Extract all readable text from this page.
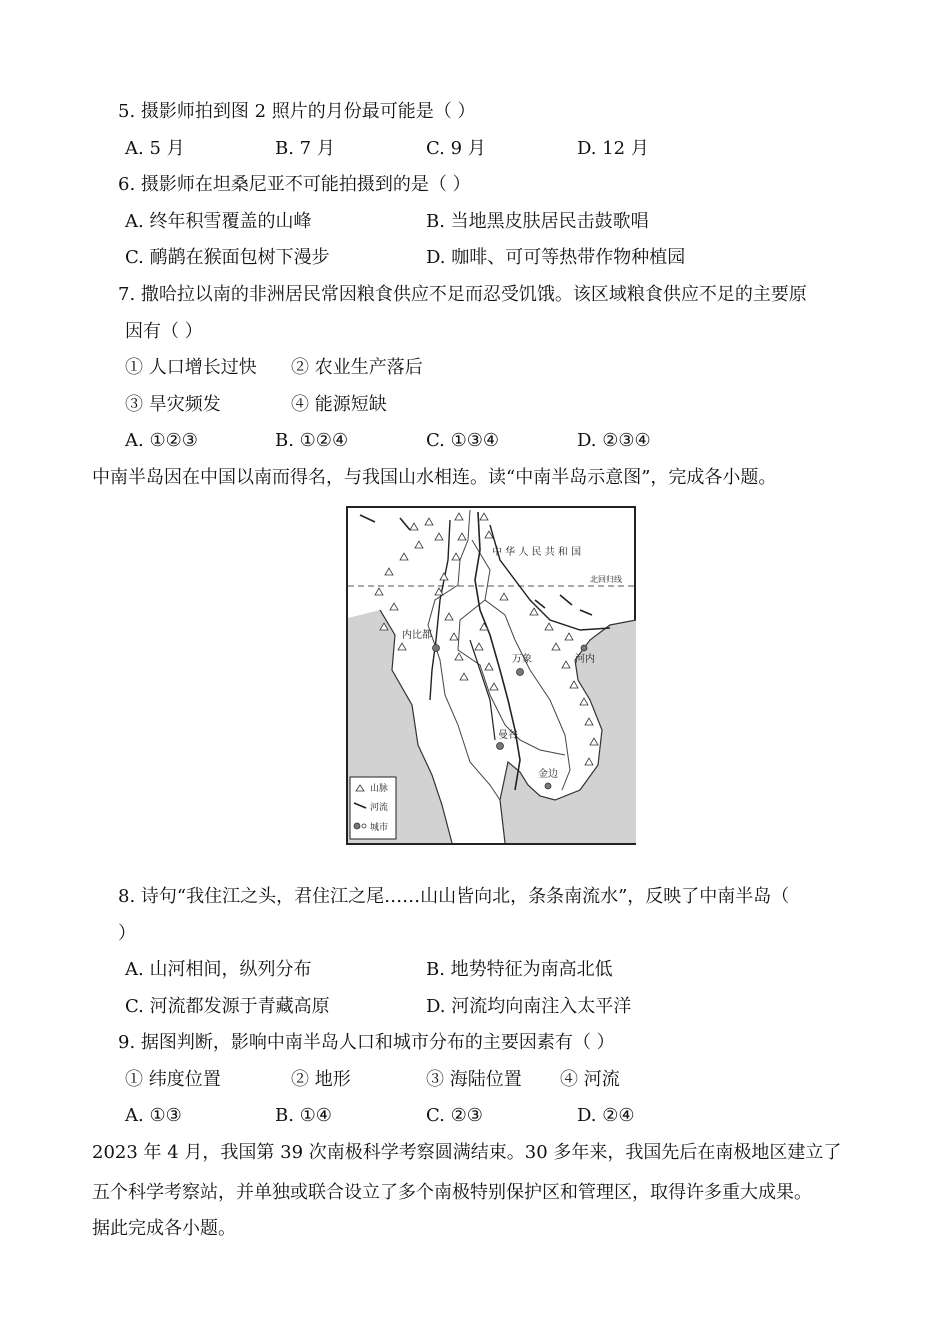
5. 摄影师拍到图 2 照片的月份最可能是（ ）
A. 5 月	B. 7 月	C. 9 月	D. 12 月
6. 摄影师在坦桑尼亚不可能拍摄到的是（ ）
A. 终年积雪覆盖的山峰	B. 当地黑皮肤居民击鼓歌唱
C. 鸸鹋在猴面包树下漫步	D. 咖啡、可可等热带作物种植园
7. 撒哈拉以南的非洲居民常因粮食供应不足而忍受饥饿。该区域粮食供应不足的主要原
因有（ ）
① 人口增长过快 ② 农业生产落后
③ 旱灾频发	④ 能源短缺
A. ①②③	B. ①②④	C. ①③④	D. ②③④
中南半岛因在中国以南而得名，与我国山水相连。读“中南半岛示意图”，完成各小题。
中 华 人 民 共 和 国
北回归线
内比都
万象	河内
曼谷
金边
山脉
河流
城市
8. 诗句“我住江之头，君住江之尾……山山皆向北，条条南流水”，反映了中南半岛（
）
A. 山河相间，纵列分布	B. 地势特征为南高北低
C. 河流都发源于青藏高原	D. 河流均向南注入太平洋
9. 据图判断，影响中南半岛人口和城市分布的主要因素有（ ）
① 纬度位置	② 地形	③ 海陆位置 ④ 河流
A. ①③	B. ①④	C. ②③	D. ②④
2023 年 4 月，我国第 39 次南极科学考察圆满结束。30 多年来，我国先后在南极地区建立了
五个科学考察站，并单独或联合设立了多个南极特别保护区和管理区，取得许多重大成果。
据此完成各小题。
